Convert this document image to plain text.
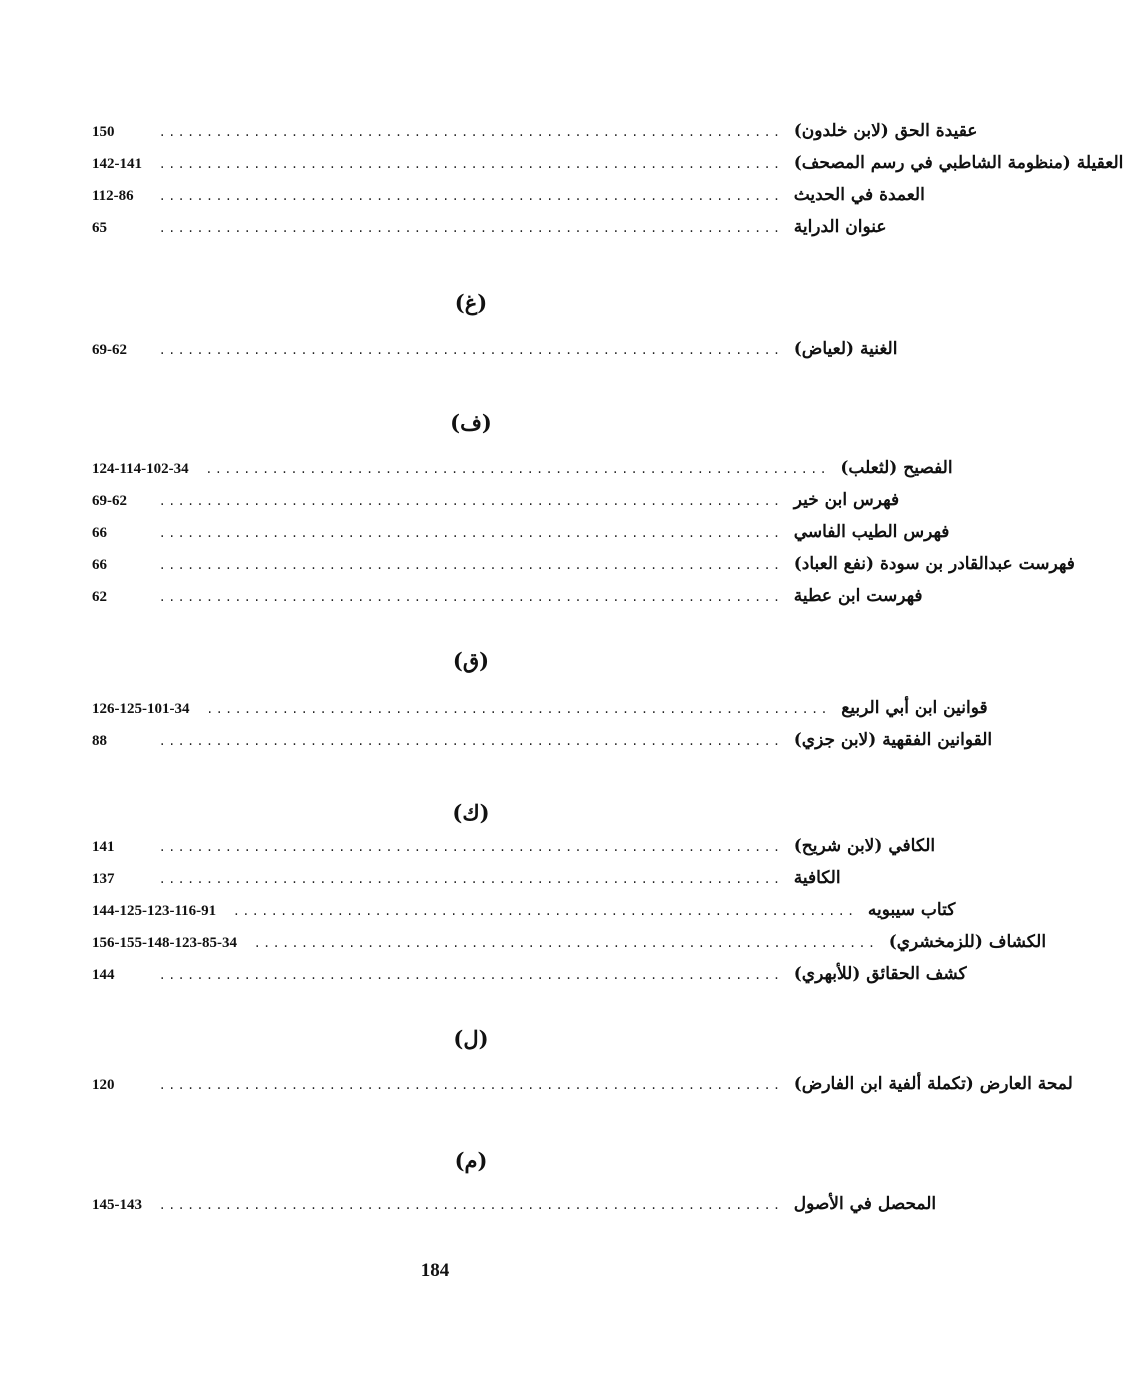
150	.................................................................. عقيدة الحق (لابن خلدون)
142-141 .................................................................. العقيلة (منظومة الشاطبي في رسم المصحف)
112-86	.................................................................. العمدة في الحديث
65	.................................................................. عنوان الدراية
(غ)
69-62	.................................................................. الغنية (لعياض)
(ف)
124-114-102-34 .................................................................. الفصيح (لثعلب)
69-62	.................................................................. فهرس ابن خير
66	.................................................................. فهرس الطيب الفاسي
66	.................................................................. فهرست عبدالقادر بن سودة (نفع العباد)
62	.................................................................. فهرست ابن عطية
(ق)
126-125-101-34 .................................................................. قوانين ابن أبي الربيع
88	.................................................................. القوانين الفقهية (لابن جزي)
(ك)
141	.................................................................. الكافي (لابن شريح)
137	.................................................................. الكافية
144-125-123-116-91 .................................................................. كتاب سيبويه
156-155-148-123-85-34 .................................................................. الكشاف (للزمخشري)
144	.................................................................. كشف الحقائق (للأبهري)
(ل)
120	.................................................................. لمحة العارض (تكملة ألفية ابن الفارض)
(م)
145-143 .................................................................. المحصل في الأصول
184
